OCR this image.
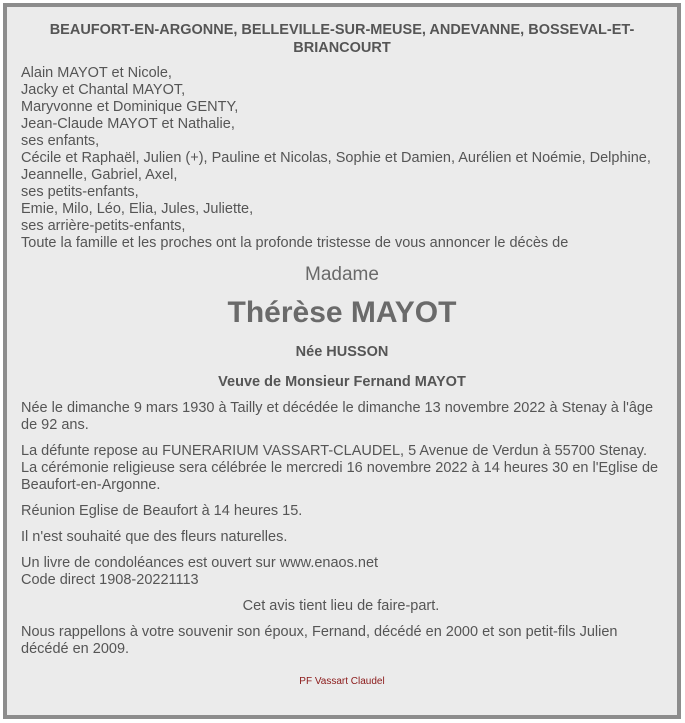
BEAUFORT-EN-ARGONNE, BELLEVILLE-SUR-MEUSE, ANDEVANNE, BOSSEVAL-ET-BRIANCOURT
Alain MAYOT et Nicole,
Jacky et Chantal MAYOT,
Maryvonne et Dominique GENTY,
Jean-Claude MAYOT et Nathalie,
ses enfants,
Cécile et Raphaël, Julien (+), Pauline et Nicolas, Sophie et Damien, Aurélien et Noémie, Delphine, Jeannelle, Gabriel, Axel,
ses petits-enfants,
Emie, Milo, Léo, Elia, Jules, Juliette,
ses arrière-petits-enfants,
Toute la famille et les proches ont la profonde tristesse de vous annoncer le décès de
Madame
Thérèse MAYOT
Née HUSSON
Veuve de Monsieur Fernand MAYOT
Née le dimanche 9 mars 1930 à Tailly et décédée le dimanche 13 novembre 2022 à Stenay à l'âge de 92 ans.
La défunte repose au FUNERARIUM VASSART-CLAUDEL, 5 Avenue de Verdun à 55700 Stenay.
La cérémonie religieuse sera célébrée le mercredi 16 novembre 2022 à 14 heures 30 en l'Eglise de Beaufort-en-Argonne.
Réunion Eglise de Beaufort à 14 heures 15.
Il n'est souhaité que des fleurs naturelles.
Un livre de condoléances est ouvert sur www.enaos.net
Code direct 1908-20221113
Cet avis tient lieu de faire-part.
Nous rappellons à votre souvenir son époux, Fernand, décédé en 2000 et son petit-fils Julien décédé en 2009.
PF Vassart Claudel
